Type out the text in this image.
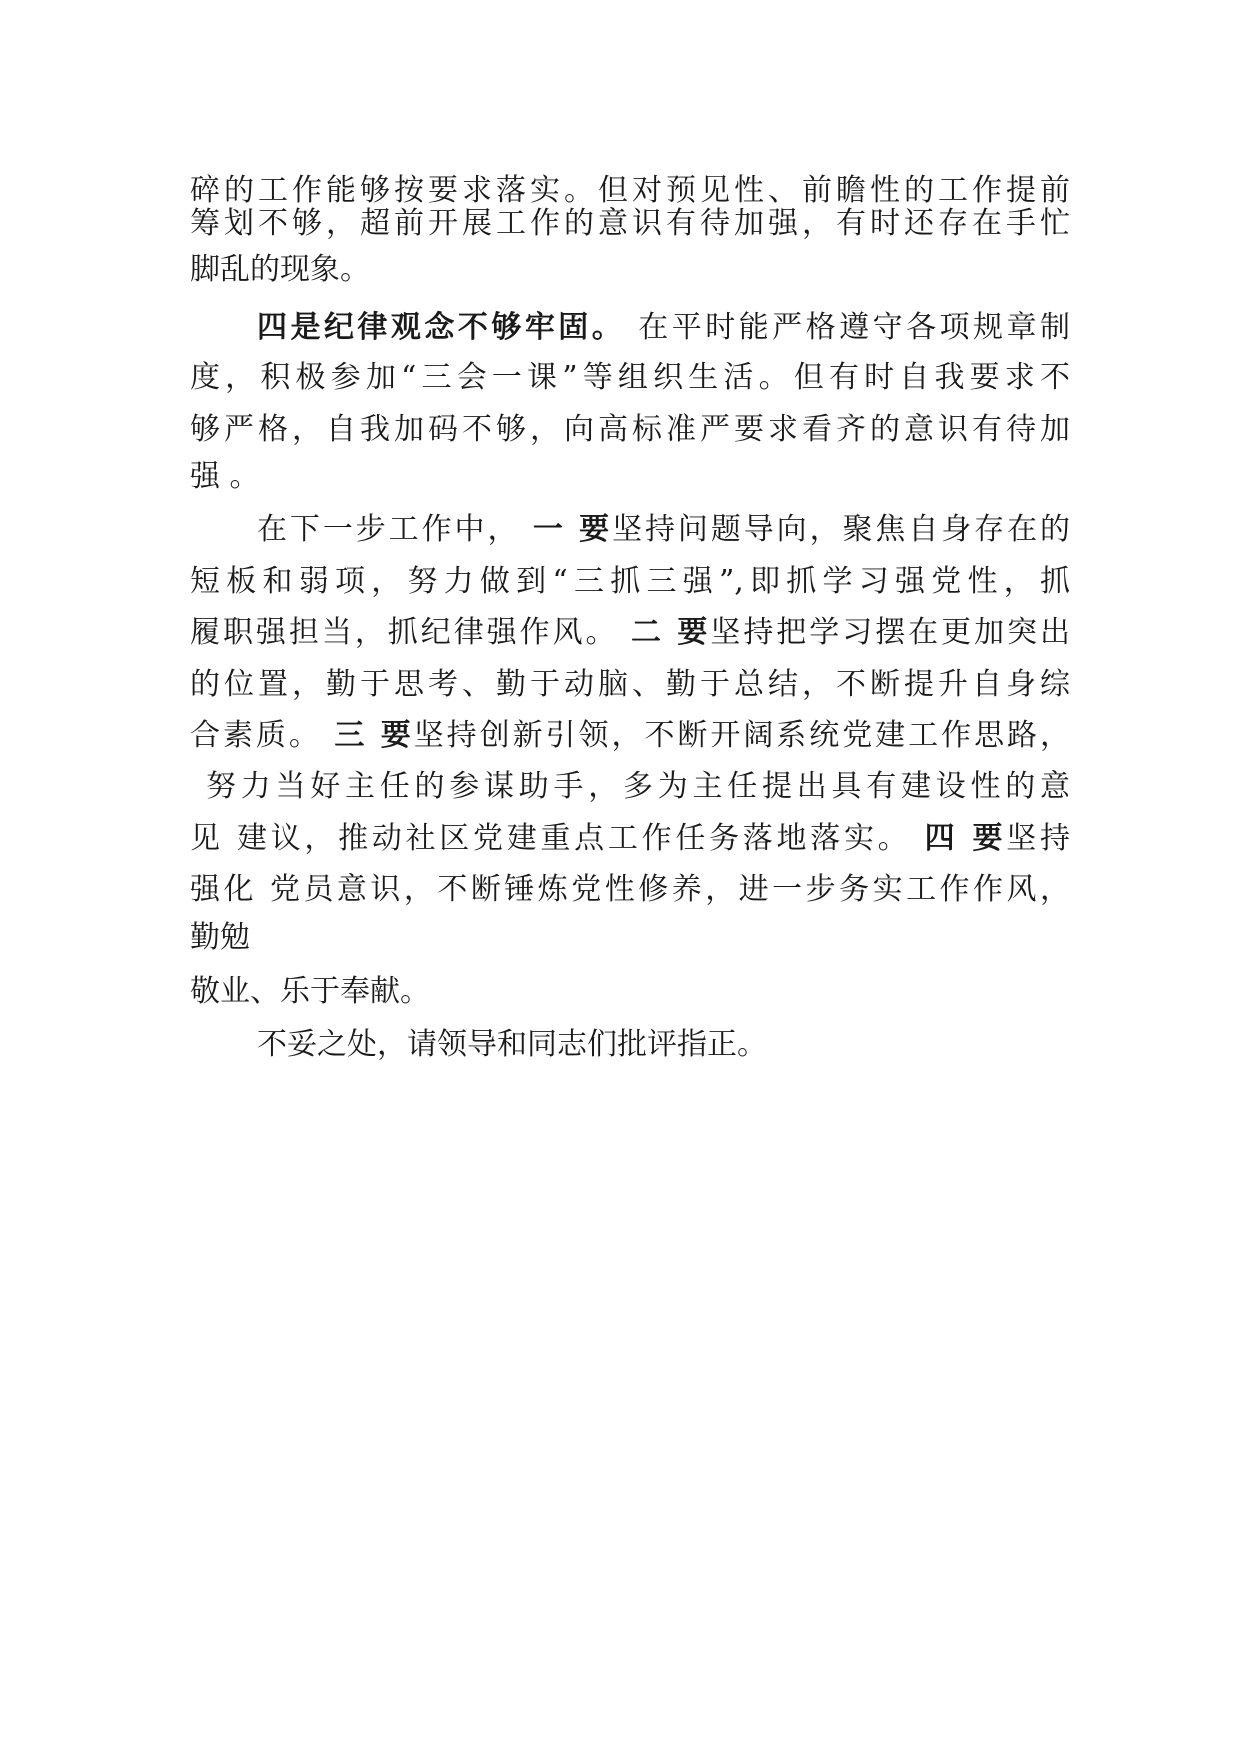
碎的工作能够按要求落实。但对预见性、前瞻性的工作提前
筹划不够，超前开展工作的意识有待加强，有时还存在手忙
脚乱的现象。
四是纪律观念不够牢固。 在平时能严格遵守各项规章制
度，积极参加“三会一课”等组织生活。但有时自我要求不
够严格，自我加码不够，向高标准严要求看齐的意识有待加
强 。
在下一步工作中， 一 要坚持问题导向，聚焦自身存在的
短板和弱项，努力做到“三抓三强”,即抓学习强党性，抓
履职强担当，抓纪律强作风。 二 要坚持把学习摆在更加突出
的位置，勤于思考、勤于动脑、勤于总结，不断提升自身综
合素质。 三 要坚持创新引领，不断开阔系统党建工作思路，
努力当好主任的参谋助手，多为主任提出具有建设性的意
见 建议，推动社区党建重点工作任务落地落实。 四 要坚持
强化 党员意识，不断锤炼党性修养，进一步务实工作作风，
勤勉
敬业、乐于奉献。
不妥之处，请领导和同志们批评指正。
